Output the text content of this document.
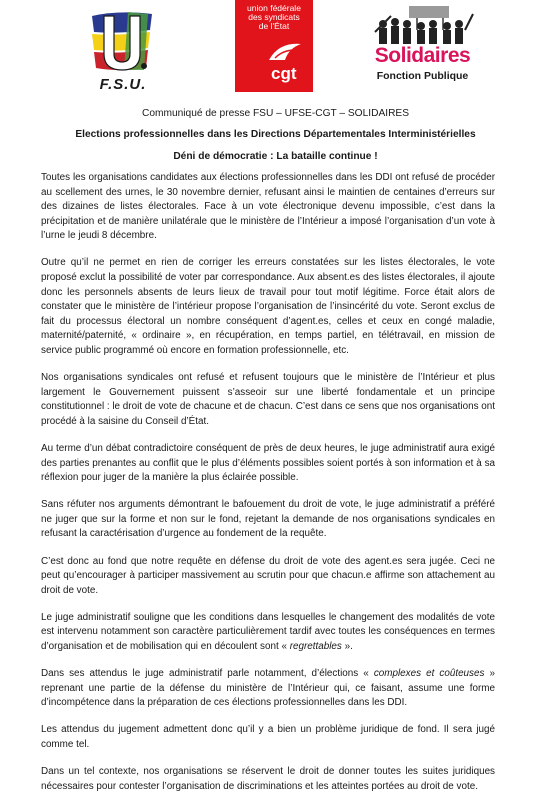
F.S.U.
union fédérale
des syndicats
de l'État
cgt
Solidaires
Fonction Publique
Communiqué de presse FSU – UFSE-CGT – SOLIDAIRES
Elections professionnelles dans les Directions Départementales Interministérielles
Déni de démocratie : La bataille continue !

Toutes les organisations candidates aux élections professionnelles dans les DDI ont refusé de procéder au scellement des urnes, le 30 novembre dernier, refusant ainsi le maintien de centaines d’erreurs sur des dizaines de listes électorales. Face à un vote électronique devenu impossible, c’est dans la précipitation et de manière unilatérale que le ministère de l’Intérieur a imposé l’organisation d’un vote à l’urne le jeudi 8 décembre.

Outre qu’il ne permet en rien de corriger les erreurs constatées sur les listes électorales, le vote proposé exclut la possibilité de voter par correspondance. Aux absent.es des listes électorales, il ajoute donc les personnels absents de leurs lieux de travail pour tout motif légitime. Force était alors de constater que le ministère de l’intérieur propose l’organisation de l’insincérité du vote. Seront exclus de fait du processus électoral un nombre conséquent d’agent.es, celles et ceux en congé maladie, maternité/paternité, « ordinaire », en récupération, en temps partiel, en télétravail, en mission de service public programmé où encore en formation professionnelle, etc.

Nos organisations syndicales ont refusé et refusent toujours que le ministère de l’Intérieur et plus largement le Gouvernement puissent s’asseoir sur une liberté fondamentale et un principe constitutionnel : le droit de vote de chacune et de chacun. C’est dans ce sens que nos organisations ont procédé à la saisine du Conseil d’État.

Au terme d’un débat contradictoire conséquent de près de deux heures, le juge administratif aura exigé des parties prenantes au conflit que le plus d’éléments possibles soient portés à son information et à sa réflexion pour juger de la manière la plus éclairée possible.

Sans réfuter nos arguments démontrant le bafouement du droit de vote, le juge administratif a préféré ne juger que sur la forme et non sur le fond, rejetant la demande de nos organisations syndicales en refusant la caractérisation d’urgence au fondement de la requête.

C’est donc au fond que notre requête en défense du droit de vote des agent.es sera jugée. Ceci ne peut qu’encourager à participer massivement au scrutin pour que chacun.e affirme son attachement au droit de vote.

Le juge administratif souligne que les conditions dans lesquelles le changement des modalités de vote est intervenu notamment son caractère particulièrement tardif avec toutes les conséquences en termes d’organisation et de mobilisation qui en découlent sont « regrettables ».

Dans ses attendus le juge administratif parle notamment, d’élections « complexes et coûteuses » reprenant une partie de la défense du ministère de l’Intérieur qui, ce faisant, assume une forme d’incompétence dans la préparation de ces élections professionnelles dans les DDI.

Les attendus du jugement admettent donc qu’il y a bien un problème juridique de fond. Il sera jugé comme tel.

Dans un tel contexte, nos organisations se réservent le droit de donner toutes les suites juridiques nécessaires pour contester l’organisation de discriminations et les atteintes portées au droit de vote.
